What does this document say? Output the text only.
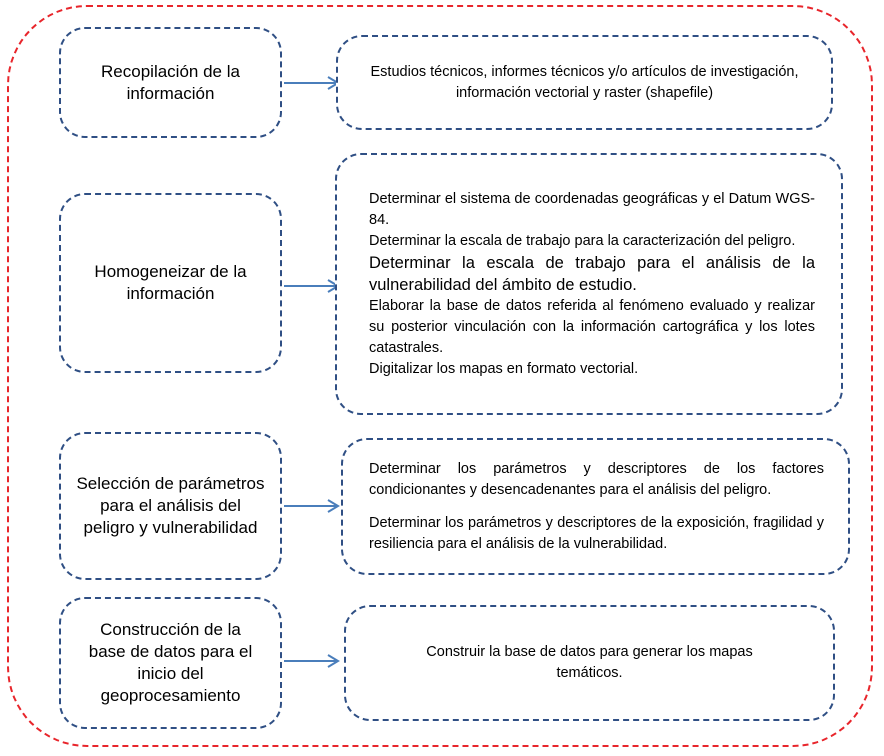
Recopilación de la información
Estudios técnicos, informes técnicos y/o artículos de investigación, información vectorial y raster (shapefile)
Homogeneizar de la información

Determinar el sistema de coordenadas geográficas y el Datum WGS-84.

Determinar la escala de trabajo para la caracterización del peligro.

Determinar la escala de trabajo para el análisis de la vulnerabilidad del ámbito de estudio.

Elaborar la base de datos referida al fenómeno evaluado y realizar su posterior vinculación con la información cartográfica y los lotes catastrales.

Digitalizar los mapas en formato vectorial.

Selección de parámetros para el análisis del peligro y vulnerabilidad

Determinar los parámetros y descriptores de los factores condicionantes y desencadenantes para el análisis del peligro.

Determinar los parámetros y descriptores de la exposición, fragilidad y resiliencia para el análisis de la vulnerabilidad.

Construcción de la base de datos para el inicio del geoprocesamiento
Construir la base de datos para generar los mapas temáticos.
